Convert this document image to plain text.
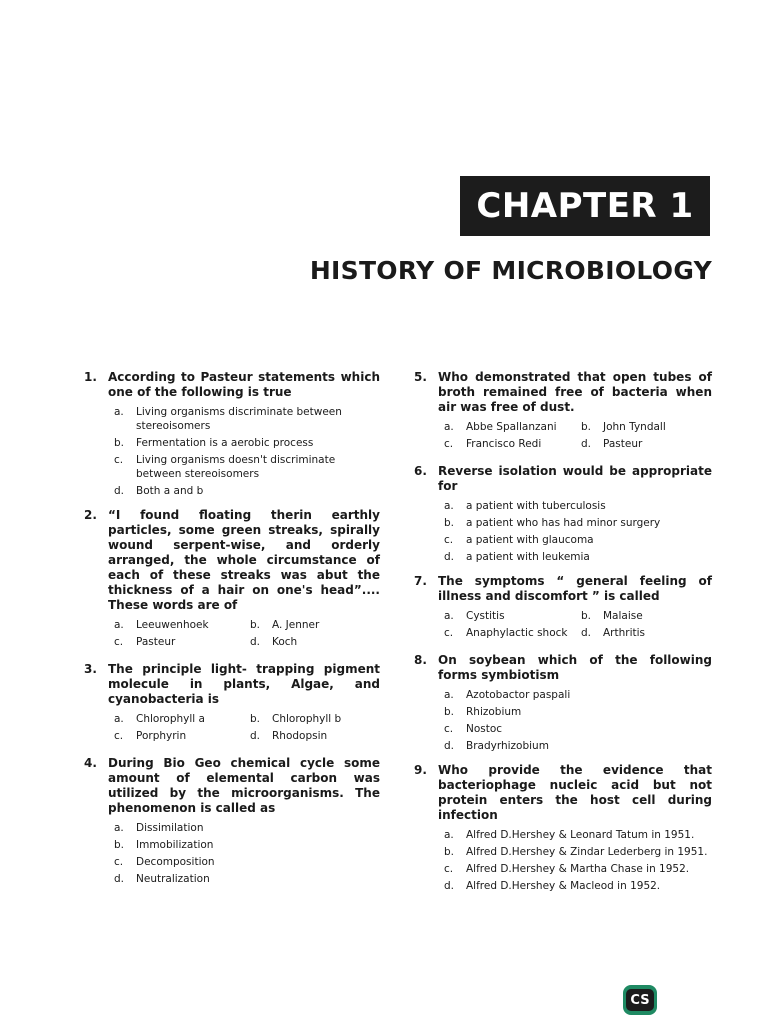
CHAPTER 1
HISTORY OF MICROBIOLOGY
1. According to Pasteur statements which one of the following is true
a.	Living organisms discriminate between stereoisomers
b.	Fermentation is a aerobic process
c.	Living organisms doesn't discriminate between stereoisomers
d.	Both a and b
2. “I found floating therin earthly particles, some green streaks, spirally wound serpent-wise, and orderly arranged, the whole circumstance of each of these streaks was abut the thickness of a hair on one's head”.... These words are of
a.	Leeuwenhoek	b.	A. Jenner
c.	Pasteur	d.	Koch
3. The principle light- trapping pigment molecule in plants, Algae, and cyanobacteria is
a.	Chlorophyll a	b.	Chlorophyll b
c.	Porphyrin	d.	Rhodopsin
4. During Bio Geo chemical cycle some amount of elemental carbon was utilized by the microorganisms. The phenomenon is called as
a.	Dissimilation
b.	Immobilization
c.	Decomposition
d.	Neutralization
5. Who demonstrated that open tubes of broth remained free of bacteria when air was free of dust.
a.	Abbe Spallanzani	b.	John Tyndall
c.	Francisco Redi	d.	Pasteur
6. Reverse isolation would be appropriate for
a.	a patient with tuberculosis
b.	a patient who has had minor surgery
c.	a patient with glaucoma
d.	a patient with leukemia
7. The symptoms “ general feeling of illness and discomfort ” is called
a.	Cystitis	b.	Malaise
c.	Anaphylactic shock	d.	Arthritis
8. On soybean which of the following forms symbiotism
a.	Azotobactor paspali
b.	Rhizobium
c.	Nostoc
d.	Bradyrhizobium
9. Who provide the evidence that bacteriophage nucleic acid but not protein enters the host cell during infection
a.	Alfred D.Hershey & Leonard Tatum in 1951.
b.	Alfred D.Hershey & Zindar Lederberg in 1951.
c.	Alfred D.Hershey & Martha Chase in 1952.
d.	Alfred D.Hershey & Macleod in 1952.
CS
